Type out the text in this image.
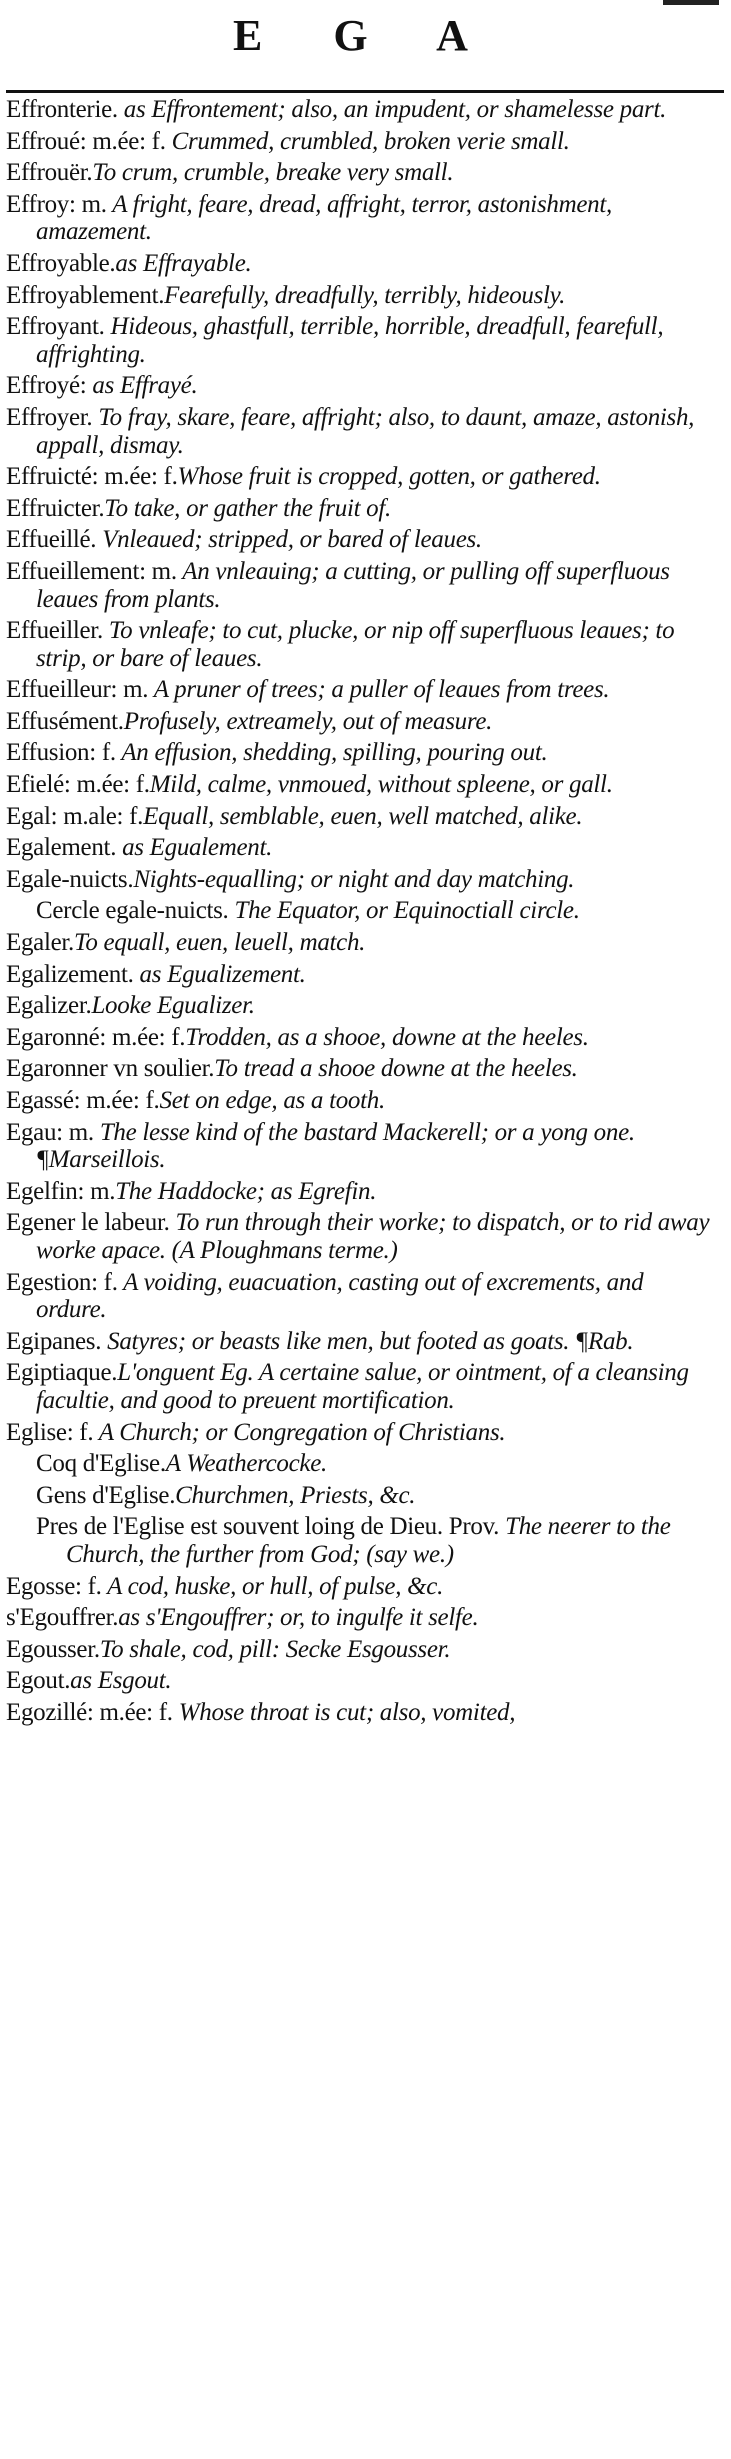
E G A

Effronterie. as Effrontement; also, an impudent, or shamelesse part.

Effroué: m.ée: f. Crummed, crumbled, broken verie small.

Effrouër.To crum, crumble, breake very small.

Effroy: m. A fright, feare, dread, affright, terror, astonishment, amazement.

Effroyable.as Effrayable.

Effroyablement.Fearefully, dreadfully, terribly, hideously.

Effroyant. Hideous, ghastfull, terrible, horrible, dreadfull, fearefull, affrighting.

Effroyé: as Effrayé.

Effroyer. To fray, skare, feare, affright; also, to daunt, amaze, astonish, appall, dismay.

Effruicté: m.ée: f.Whose fruit is cropped, gotten, or gathered.

Effruicter.To take, or gather the fruit of.

Effueillé. Vnleaued; stripped, or bared of leaues.

Effueillement: m. An vnleauing; a cutting, or pulling off superfluous leaues from plants.

Effueiller. To vnleafe; to cut, plucke, or nip off superfluous leaues; to strip, or bare of leaues.

Effueilleur: m. A pruner of trees; a puller of leaues from trees.

Effusément.Profusely, extreamely, out of measure.

Effusion: f. An effusion, shedding, spilling, pouring out.

Efielé: m.ée: f.Mild, calme, vnmoued, without spleene, or gall.

Egal: m.ale: f.Equall, semblable, euen, well matched, alike.

Egalement. as Egualement.

Egale-nuicts.Nights-equalling; or night and day matching.

Cercle egale-nuicts. The Equator, or Equinoctiall circle.

Egaler.To equall, euen, leuell, match.

Egalizement. as Egualizement.

Egalizer.Looke Egualizer.

Egaronné: m.ée: f.Trodden, as a shooe, downe at the heeles.

Egaronner vn soulier.To tread a shooe downe at the heeles.

Egassé: m.ée: f.Set on edge, as a tooth.

Egau: m. The lesse kind of the bastard Mackerell; or a yong one. ¶Marseillois.

Egelfin: m.The Haddocke; as Egrefin.

Egener le labeur. To run through their worke; to dispatch, or to rid away worke apace. (A Ploughmans terme.)

Egestion: f. A voiding, euacuation, casting out of excrements, and ordure.

Egipanes. Satyres; or beasts like men, but footed as goats. ¶Rab.

Egiptiaque.L'onguent Eg. A certaine salue, or ointment, of a cleansing facultie, and good to preuent mortification.

Eglise: f. A Church; or Congregation of Christians.

Coq d'Eglise.A Weathercocke.

Gens d'Eglise.Churchmen, Priests, &c.

Pres de l'Eglise est souvent loing de Dieu. Prov. The neerer to the Church, the further from God; (say we.)

Egosse: f. A cod, huske, or hull, of pulse, &c.

s'Egouffrer.as s'Engouffrer; or, to ingulfe it selfe.

Egousser.To shale, cod, pill: Secke Esgousser.

Egout.as Esgout.

Egozillé: m.ée: f. Whose throat is cut; also, vomited,
